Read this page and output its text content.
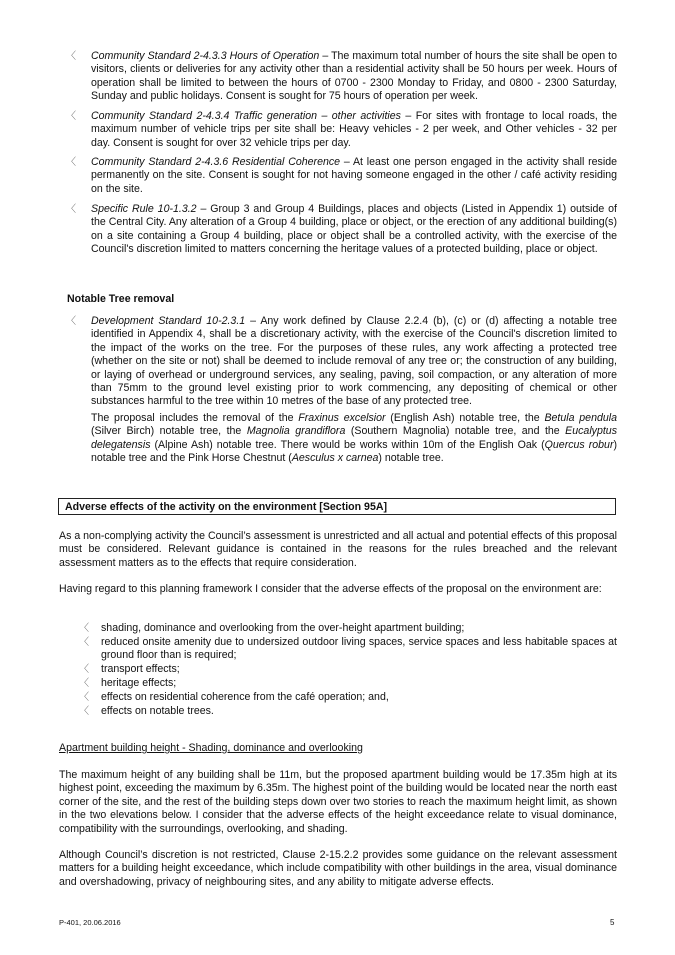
〈	Community Standard 2-4.3.3 Hours of Operation – The maximum total number of hours the site shall be open to visitors, clients or deliveries for any activity other than a residential activity shall be 50 hours per week. Hours of operation shall be limited to between the hours of 0700 - 2300 Monday to Friday, and 0800 - 2300 Saturday, Sunday and public holidays. Consent is sought for 75 hours of operation per week.
〈	Community Standard 2-4.3.4 Traffic generation – other activities – For sites with frontage to local roads, the maximum number of vehicle trips per site shall be: Heavy vehicles - 2 per week, and Other vehicles - 32 per day. Consent is sought for over 32 vehicle trips per day.
〈	Community Standard 2-4.3.6 Residential Coherence – At least one person engaged in the activity shall reside permanently on the site. Consent is sought for not having someone engaged in the other / café activity residing on the site.
〈	Specific Rule 10-1.3.2 – Group 3 and Group 4 Buildings, places and objects (Listed in Appendix 1) outside of the Central City. Any alteration of a Group 4 building, place or object, or the erection of any additional building(s) on a site containing a Group 4 building, place or object shall be a controlled activity, with the exercise of the Council's discretion limited to matters concerning the heritage values of a protected building, place or object.
Notable Tree removal
〈	Development Standard 10-2.3.1 – Any work defined by Clause 2.2.4 (b), (c) or (d) affecting a notable tree identified in Appendix 4, shall be a discretionary activity, with the exercise of the Council's discretion limited to the impact of the works on the tree. For the purposes of these rules, any work affecting a protected tree (whether on the site or not) shall be deemed to include removal of any tree or; the construction of any building, or laying of overhead or underground services, any sealing, paving, soil compaction, or any alteration of more than 75mm to the ground level existing prior to work commencing, any depositing of chemical or other substances harmful to the tree within 10 metres of the base of any protected tree.
The proposal includes the removal of the Fraxinus excelsior (English Ash) notable tree, the Betula pendula (Silver Birch) notable tree, the Magnolia grandiflora (Southern Magnolia) notable tree, and the Eucalyptus delegatensis (Alpine Ash) notable tree. There would be works within 10m of the English Oak (Quercus robur) notable tree and the Pink Horse Chestnut (Aesculus x carnea) notable tree.
Adverse effects of the activity on the environment [Section 95A]
As a non-complying activity the Council’s assessment is unrestricted and all actual and potential effects of this proposal must be considered. Relevant guidance is contained in the reasons for the rules breached and the relevant assessment matters as to the effects that require consideration.
Having regard to this planning framework I consider that the adverse effects of the proposal on the environment are:
〈 shading, dominance and overlooking from the over-height apartment building;
〈 reduced onsite amenity due to undersized outdoor living spaces, service spaces and less habitable spaces at ground floor than is required;
〈 transport effects;
〈 heritage effects;
〈 effects on residential coherence from the café operation; and,
〈 effects on notable trees.
Apartment building height - Shading, dominance and overlooking
The maximum height of any building shall be 11m, but the proposed apartment building would be 17.35m high at its highest point, exceeding the maximum by 6.35m. The highest point of the building would be located near the north east corner of the site, and the rest of the building steps down over two stories to reach the maximum height limit, as shown in the two elevations below. I consider that the adverse effects of the height exceedance relate to visual dominance, compatibility with the surroundings, overlooking, and shading.
Although Council’s discretion is not restricted, Clause 2-15.2.2 provides some guidance on the relevant assessment matters for a building height exceedance, which include compatibility with other buildings in the area, visual dominance and overshadowing, privacy of neighbouring sites, and any ability to mitigate adverse effects.
P-401, 20.06.2016	5
